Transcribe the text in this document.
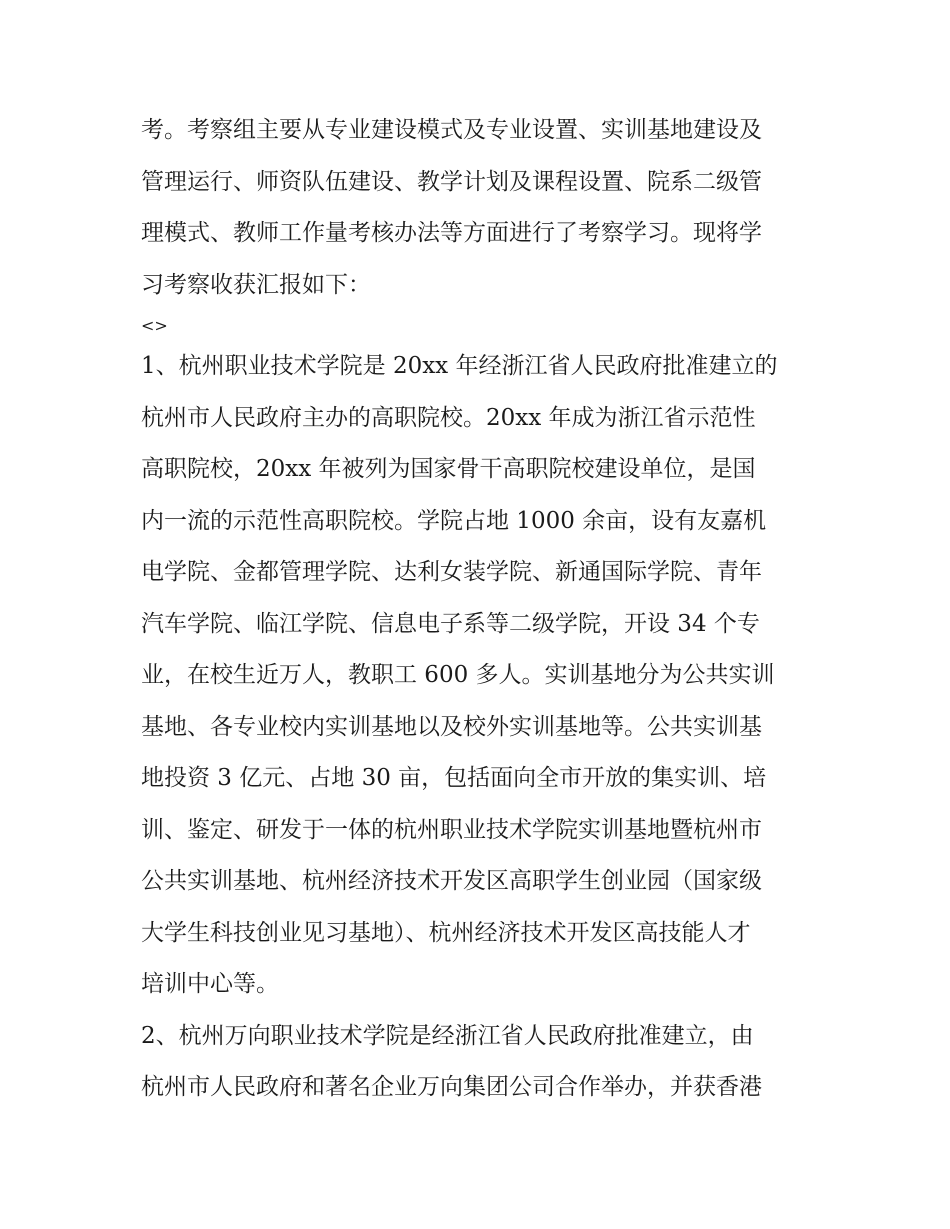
考。考察组主要从专业建设模式及专业设置、实训基地建设及
管理运行、师资队伍建设、教学计划及课程设置、院系二级管
理模式、教师工作量考核办法等方面进行了考察学习。现将学
习考察收获汇报如下：
<>
1、杭州职业技术学院是 20xx 年经浙江省人民政府批准建立的
杭州市人民政府主办的高职院校。20xx 年成为浙江省示范性
高职院校，20xx 年被列为国家骨干高职院校建设单位，是国
内一流的示范性高职院校。学院占地 1000 余亩，设有友嘉机
电学院、金都管理学院、达利女装学院、新通国际学院、青年
汽车学院、临江学院、信息电子系等二级学院，开设 34 个专
业，在校生近万人，教职工 600 多人。实训基地分为公共实训
基地、各专业校内实训基地以及校外实训基地等。公共实训基
地投资 3 亿元、占地 30 亩，包括面向全市开放的集实训、培
训、鉴定、研发于一体的杭州职业技术学院实训基地暨杭州市
公共实训基地、杭州经济技术开发区高职学生创业园（国家级
大学生科技创业见习基地）、杭州经济技术开发区高技能人才
培训中心等。
2、杭州万向职业技术学院是经浙江省人民政府批准建立，由
杭州市人民政府和著名企业万向集团公司合作举办，并获香港
